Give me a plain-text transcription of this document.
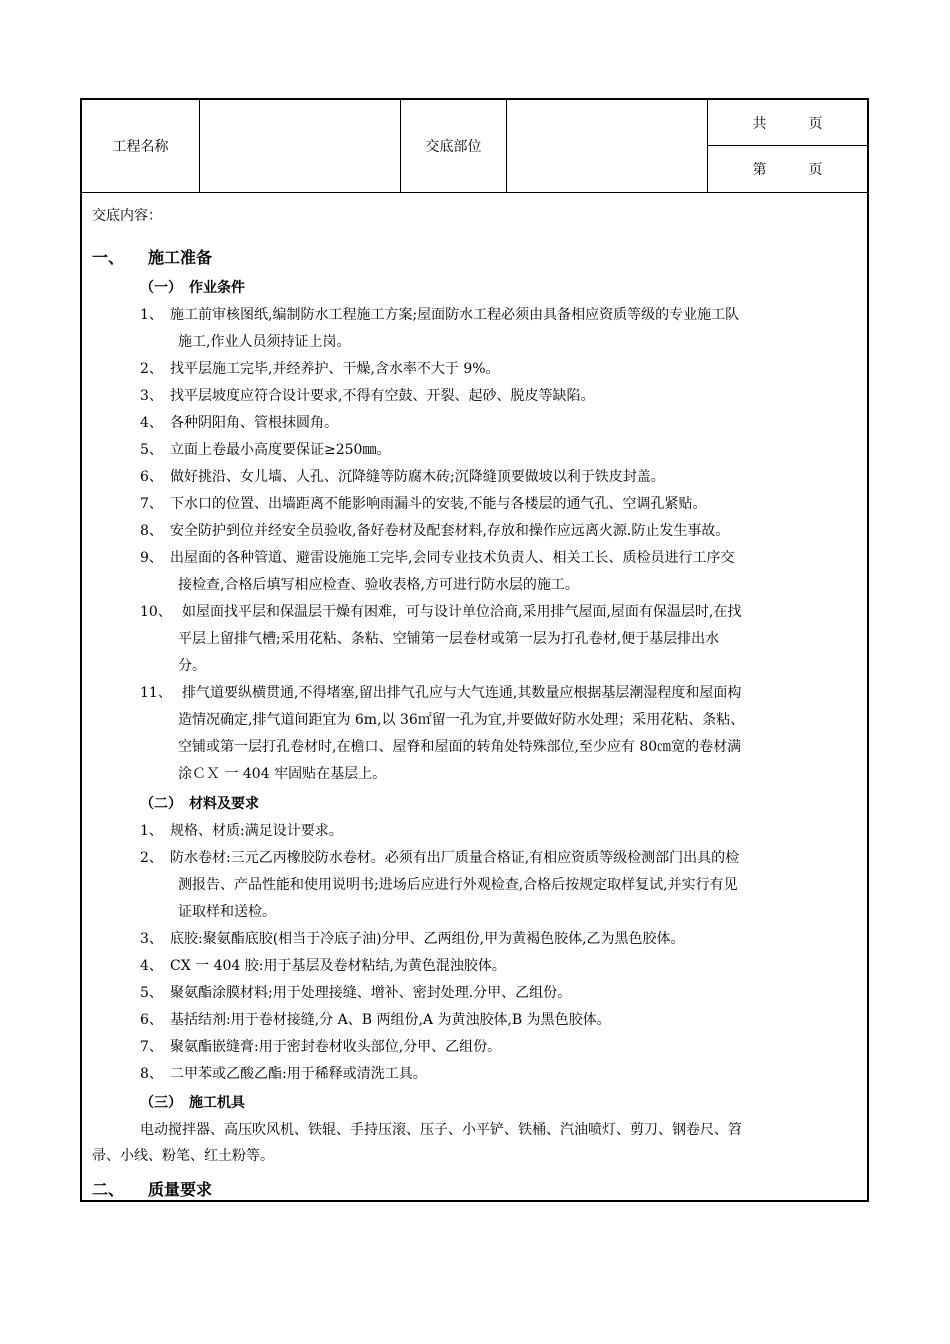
工程名称	交底部位
共　　　页
第　　　页
交底内容：
一、 施工准备
（一）　作业条件
1、 施工前审核图纸,编制防水工程施工方案;屋面防水工程必须由具备相应资质等级的专业施工队
施工,作业人员须持证上岗。
2、 找平层施工完毕,并经养护、干燥,含水率不大于 9%。
3、 找平层坡度应符合设计要求,不得有空鼓、开裂、起砂、脱皮等缺陷。
4、 各种阴阳角、管根抹圆角。
5、 立面上卷最小高度要保证≥250㎜。
6、 做好挑沿、女儿墙、人孔、沉降缝等防腐木砖;沉降缝顶要做坡以利于铁皮封盖。
7、 下水口的位置、出墙距离不能影响雨漏斗的安装,不能与各楼层的通气孔、空调孔紧贴。
8、 安全防护到位并经安全员验收,备好卷材及配套材料,存放和操作应远离火源.防止发生事故。
9、 出屋面的各种管道、避雷设施施工完毕,会同专业技术负责人、相关工长、质检员进行工序交
接检查,合格后填写相应检查、验收表格,方可进行防水层的施工。
10、 如屋面找平层和保温层干燥有困难，可与设计单位洽商,采用排气屋面,屋面有保温层时,在找
平层上留排气槽;采用花粘、条粘、空铺第一层卷材或第一层为打孔卷材,便于基层排出水
分。
11、 排气道要纵横贯通,不得堵塞,留出排气孔应与大气连通,其数量应根据基层潮湿程度和屋面构
造情况确定,排气道间距宜为 6m,以 36㎡留一孔为宜,并要做好防水处理；采用花粘、条粘、
空铺或第一层打孔卷材时,在檐口、屋脊和屋面的转角处特殊部位,至少应有 80㎝宽的卷材满
涂ＣＸ 一 404 牢固贴在基层上。
（二）　材料及要求
1、 规格、材质:满足设计要求。
2、 防水卷材:三元乙丙橡胶防水卷材。必须有出厂质量合格证,有相应资质等级检测部门出具的检
测报告、产品性能和使用说明书;进场后应进行外观检查,合格后按规定取样复试,并实行有见
证取样和送检。
3、 底胶:聚氨酯底胶(相当于冷底子油)分甲、乙两组份,甲为黄褐色胶体,乙为黑色胶体。
4、 CX 一 404 胶:用于基层及卷材粘结,为黄色混浊胶体。
5、 聚氨酯涂膜材料;用于处理接缝、增补、密封处理.分甲、乙组份。
6、 基括结剂:用于卷材接缝,分 A、B 两组份,A 为黄浊胶体,B 为黑色胶体。
7、 聚氨酯嵌缝膏:用于密封卷材收头部位,分甲、乙组份。
8、 二甲苯或乙酸乙酯:用于稀释或清洗工具。
（三）　施工机具
电动搅拌器、高压吹风机、铁辊、手持压滚、压子、小平铲、铁桶、汽油喷灯、剪刀、钢卷尺、笤
帚、小线、粉笔、红土粉等。
二、 质量要求
